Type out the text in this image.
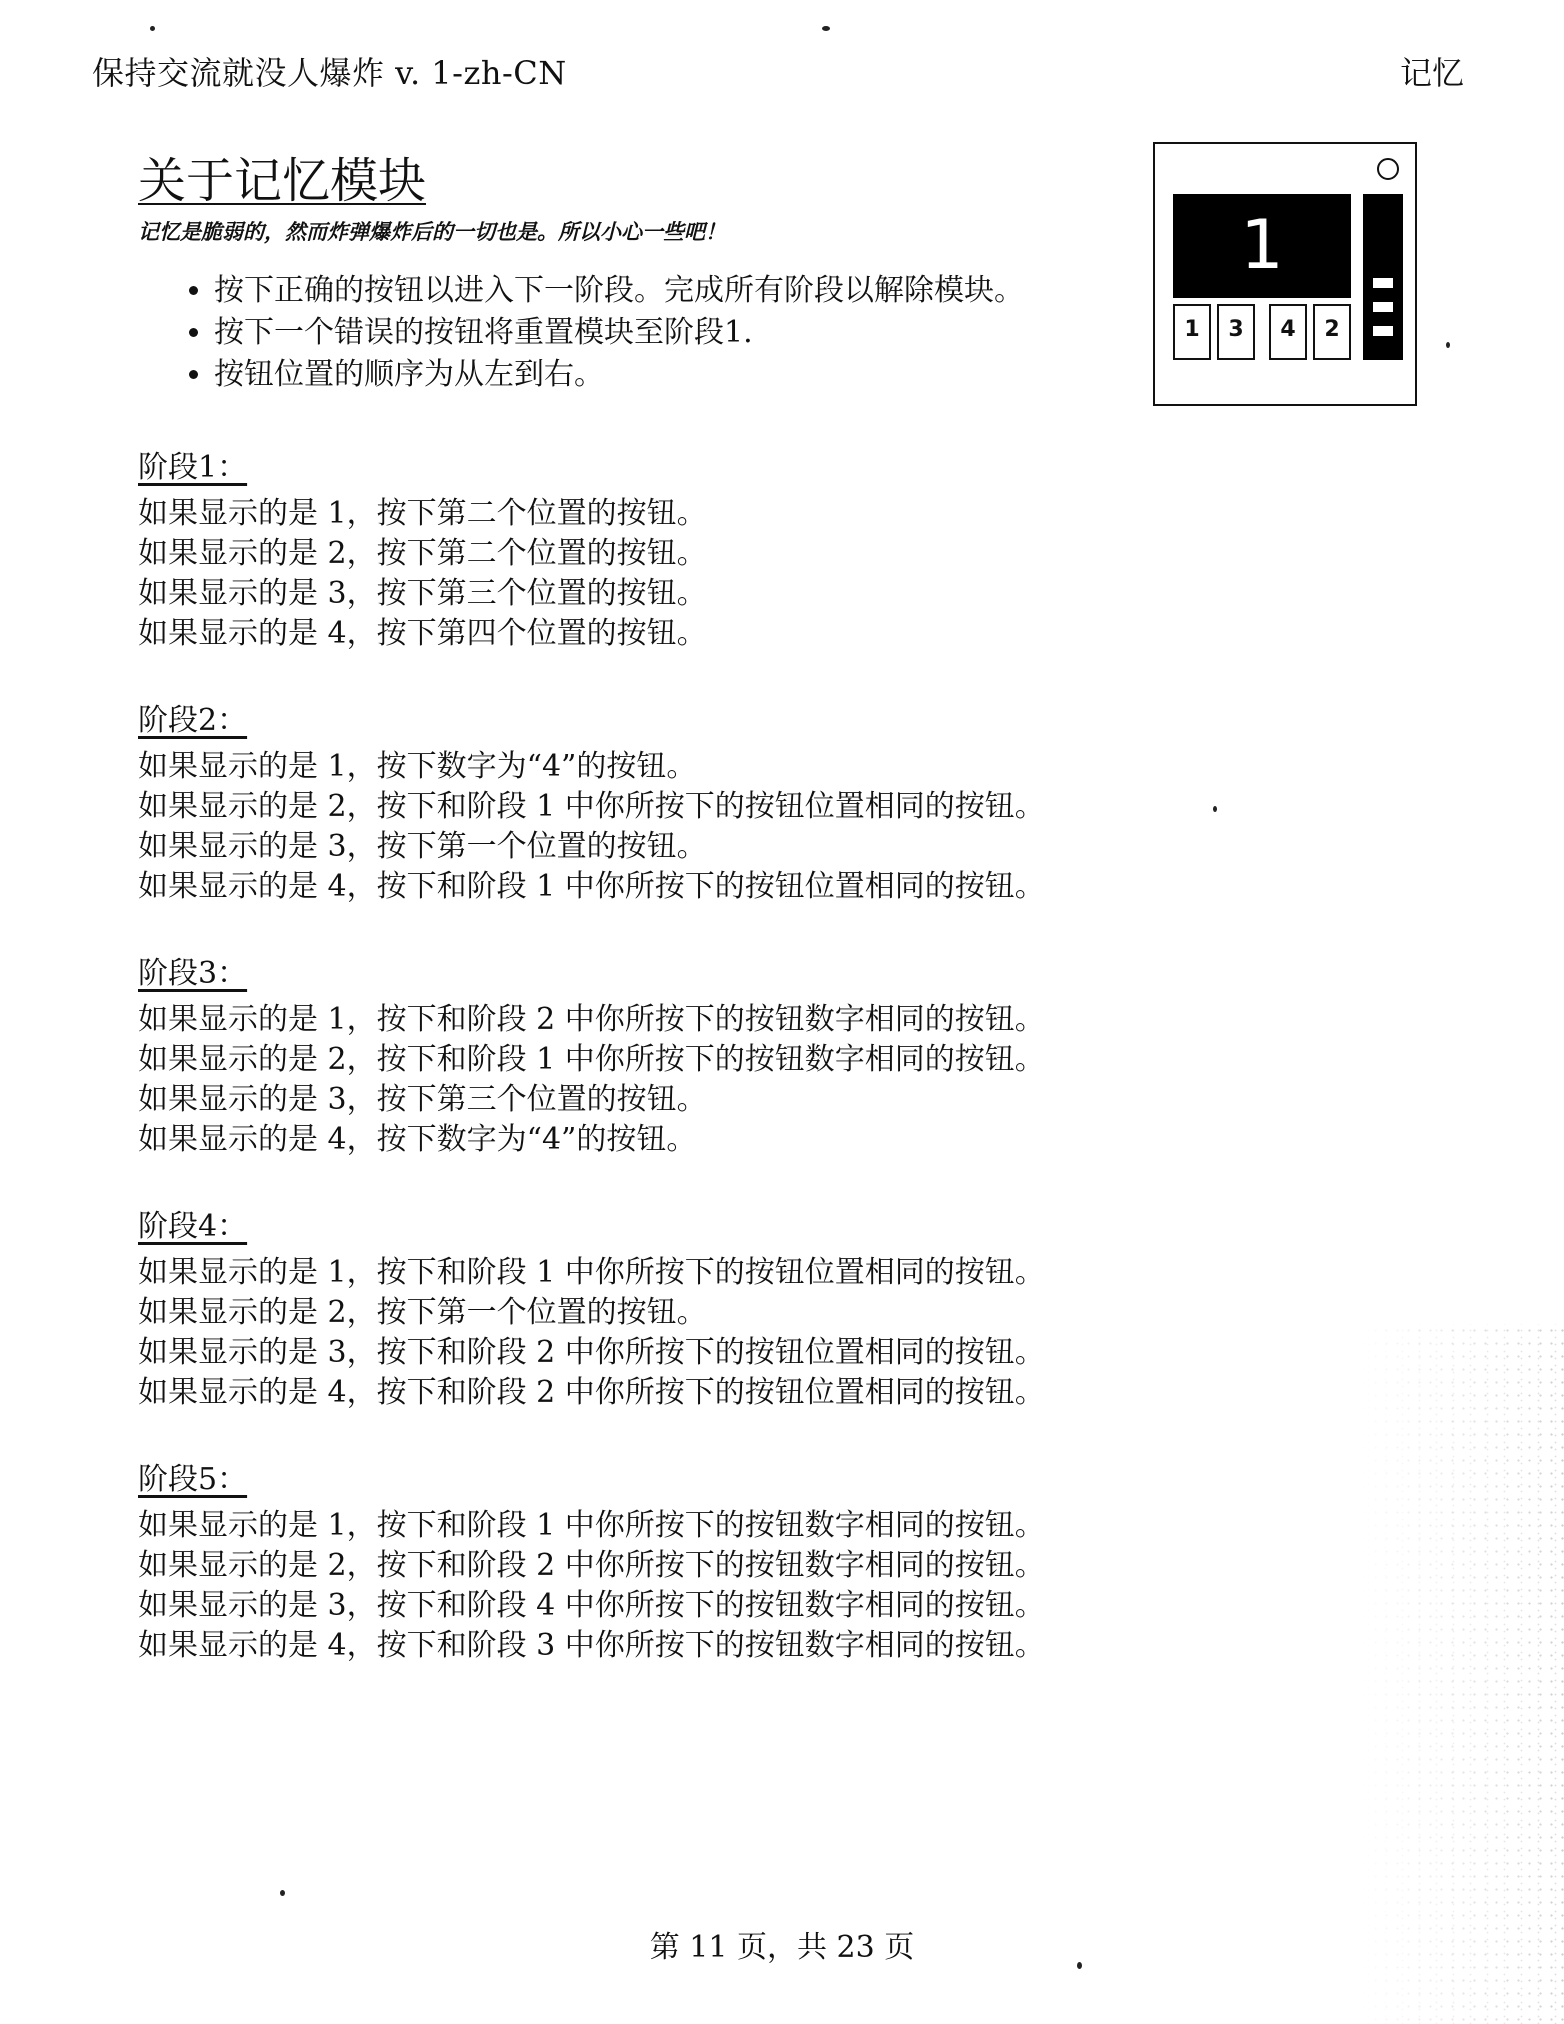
保持交流就没人爆炸 v. 1-zh-CN	记忆
关于记忆模块
记忆是脆弱的，然而炸弹爆炸后的一切也是。所以小心一些吧！
• 按下正确的按钮以进入下一阶段。完成所有阶段以解除模块。
• 按下一个错误的按钮将重置模块至阶段1.
• 按钮位置的顺序为从左到右。
1
1	3	4	2
阶段1：
如果显示的是 1，按下第二个位置的按钮。
如果显示的是 2，按下第二个位置的按钮。
如果显示的是 3，按下第三个位置的按钮。
如果显示的是 4，按下第四个位置的按钮。
阶段2：
如果显示的是 1，按下数字为“4”的按钮。
如果显示的是 2，按下和阶段 1 中你所按下的按钮位置相同的按钮。
如果显示的是 3，按下第一个位置的按钮。
如果显示的是 4，按下和阶段 1 中你所按下的按钮位置相同的按钮。
阶段3：
如果显示的是 1，按下和阶段 2 中你所按下的按钮数字相同的按钮。
如果显示的是 2，按下和阶段 1 中你所按下的按钮数字相同的按钮。
如果显示的是 3，按下第三个位置的按钮。
如果显示的是 4，按下数字为“4”的按钮。
阶段4：
如果显示的是 1，按下和阶段 1 中你所按下的按钮位置相同的按钮。
如果显示的是 2，按下第一个位置的按钮。
如果显示的是 3，按下和阶段 2 中你所按下的按钮位置相同的按钮。
如果显示的是 4，按下和阶段 2 中你所按下的按钮位置相同的按钮。
阶段5：
如果显示的是 1，按下和阶段 1 中你所按下的按钮数字相同的按钮。
如果显示的是 2，按下和阶段 2 中你所按下的按钮数字相同的按钮。
如果显示的是 3，按下和阶段 4 中你所按下的按钮数字相同的按钮。
如果显示的是 4，按下和阶段 3 中你所按下的按钮数字相同的按钮。
第 11 页，共 23 页
